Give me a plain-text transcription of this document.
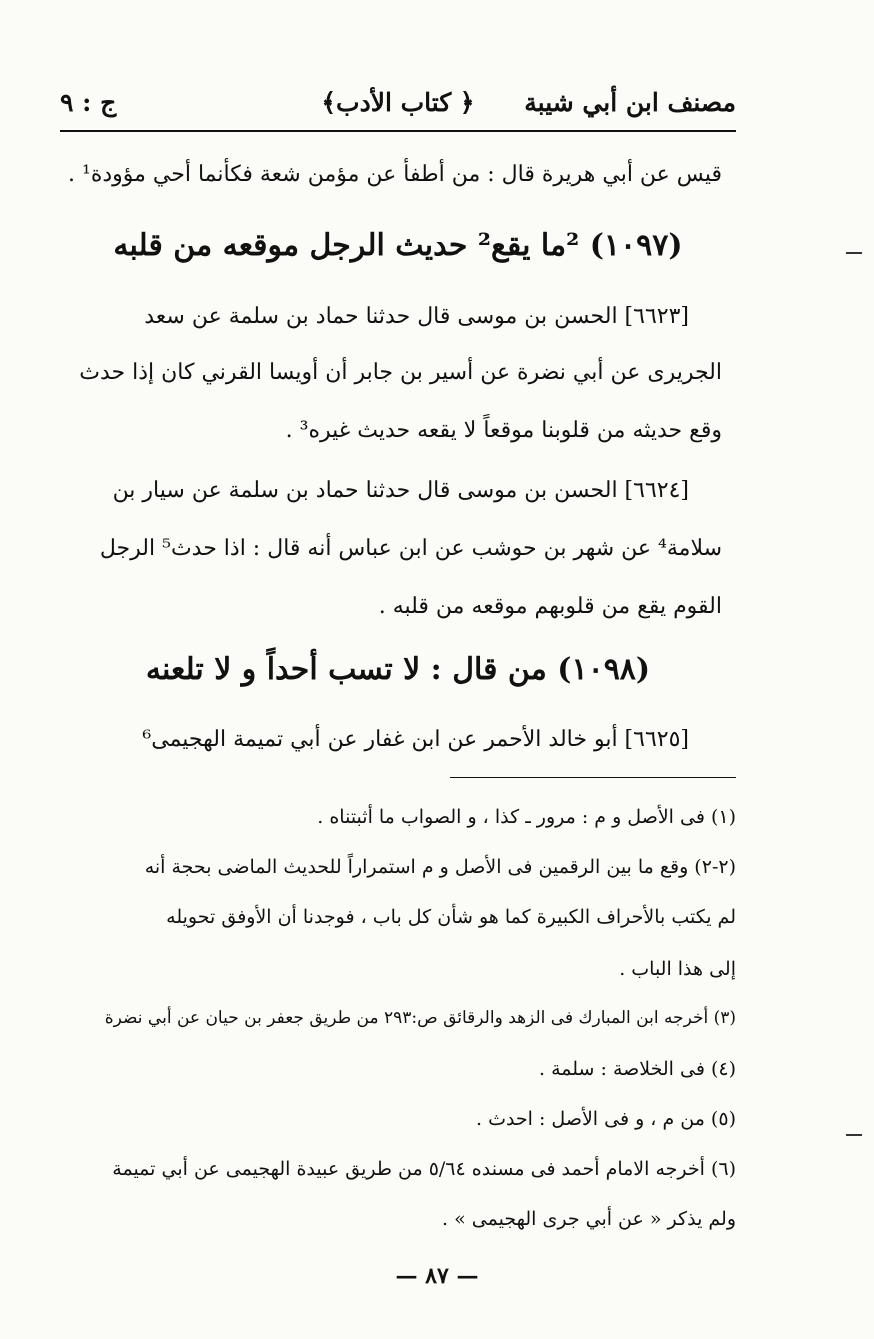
مصنف ابن أبي شيبة
﴿ كتاب الأدب﴾
ج : ٩
قيس عن أبي هريرة قال : من أطفأ عن مؤمن شعة فكأنما أحي مؤودة¹ .
(١٠٩٧) ²ما يقع² حديث الرجل موقعه من قلبه
[٦٦٢٣] الحسن بن موسى قال حدثنا حماد بن سلمة عن سعد
الجريرى عن أبي نضرة عن أسير بن جابر أن أويسا القرني كان إذا حدث
وقع حديثه من قلوبنا موقعاً لا يقعه حديث غيره³ .
[٦٦٢٤] الحسن بن موسى قال حدثنا حماد بن سلمة عن سيار بن
سلامة⁴ عن شهر بن حوشب عن ابن عباس أنه قال : اذا حدث⁵ الرجل
القوم يقع من قلوبهم موقعه من قلبه .
(١٠٩٨) من قال : لا تسب أحداً و لا تلعنه
[٦٦٢٥] أبو خالد الأحمر عن ابن غفار عن أبي تميمة الهجيمى⁶
(١) فى الأصل و م : مرور ـ كذا ، و الصواب ما أثبتناه .
(٢-٢) وقع ما بين الرقمين فى الأصل و م استمراراً للحديث الماضى بحجة أنه
لم يكتب بالأحراف الكبيرة كما هو شأن كل باب ، فوجدنا أن الأوفق تحويله
إلى هذا الباب .
(٣) أخرجه ابن المبارك فى الزهد والرقائق ص:٢٩٣ من طريق جعفر بن حيان عن أبي نضرة
(٤) فى الخلاصة : سلمة .
(٥) من م ، و فى الأصل : احدث .
(٦) أخرجه الامام أحمد فى مسنده ٥/٦٤ من طريق عبيدة الهجيمى عن أبي تميمة
ولم يذكر « عن أبي جرى الهجيمى » .
— ٨٧ —
